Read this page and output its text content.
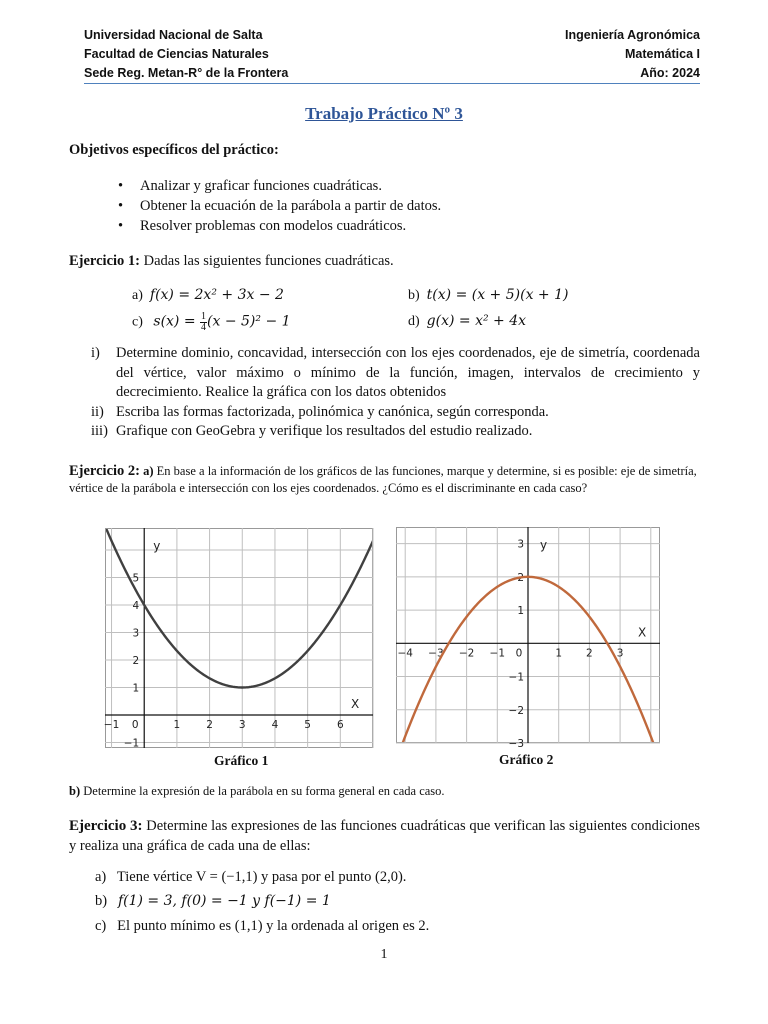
Universidad Nacional de Salta	Ingeniería Agronómica
Facultad de Ciencias Naturales	Matemática I
Sede Reg. Metan-R° de la Frontera	Año: 2024
Trabajo Práctico Nº 3
Objetivos específicos del práctico:
• Analizar y graficar funciones cuadráticas.
• Obtener la ecuación de la parábola a partir de datos.
• Resolver problemas con modelos cuadráticos.
Ejercicio 1: Dadas las siguientes funciones cuadráticas.
a) f(x) = 2x² + 3x − 2	b) t(x) = (x + 5)(x + 1)
c) $s(x) = \frac{1}{4} (x - 5)^2 - 1$	d) g(x) = x² + 4x
i)	Determine dominio, concavidad, intersección con los ejes coordenados, eje de simetría, coordenada del vértice, valor máximo o mínimo de la función, imagen, intervalos de crecimiento y decrecimiento. Realice la gráfica con los datos obtenidos
ii) Escriba las formas factorizada, polinómica y canónica, según corresponda.
iii) Grafique con GeoGebra y verifique los resultados del estudio realizado.
Ejercicio 2: a) En base a la información de los gráficos de las funciones, marque y determine, si es posible: eje de simetría, vértice de la parábola e intersección con los ejes coordenados. ¿Cómo es el discriminante en cada caso?
−1 0	1 2 3 4 5 6
−1
1
2
3
4
5
X
y
−4 −3 −2 −1 0	1 2 3
−3
−2
−1
1
2
3
X
y
Gráfico 1	Gráfico 2
b) Determine la expresión de la parábola en su forma general en cada caso.
Ejercicio 3: Determine las expresiones de las funciones cuadráticas que verifican las siguientes condiciones y realiza una gráfica de cada una de ellas:
a) Tiene vértice V = (−1,1) y pasa por el punto (2,0).
b) f(1) = 3, f(0) = −1 y f(−1) = 1
c) El punto mínimo es (1,1) y la ordenada al origen es 2.
1
